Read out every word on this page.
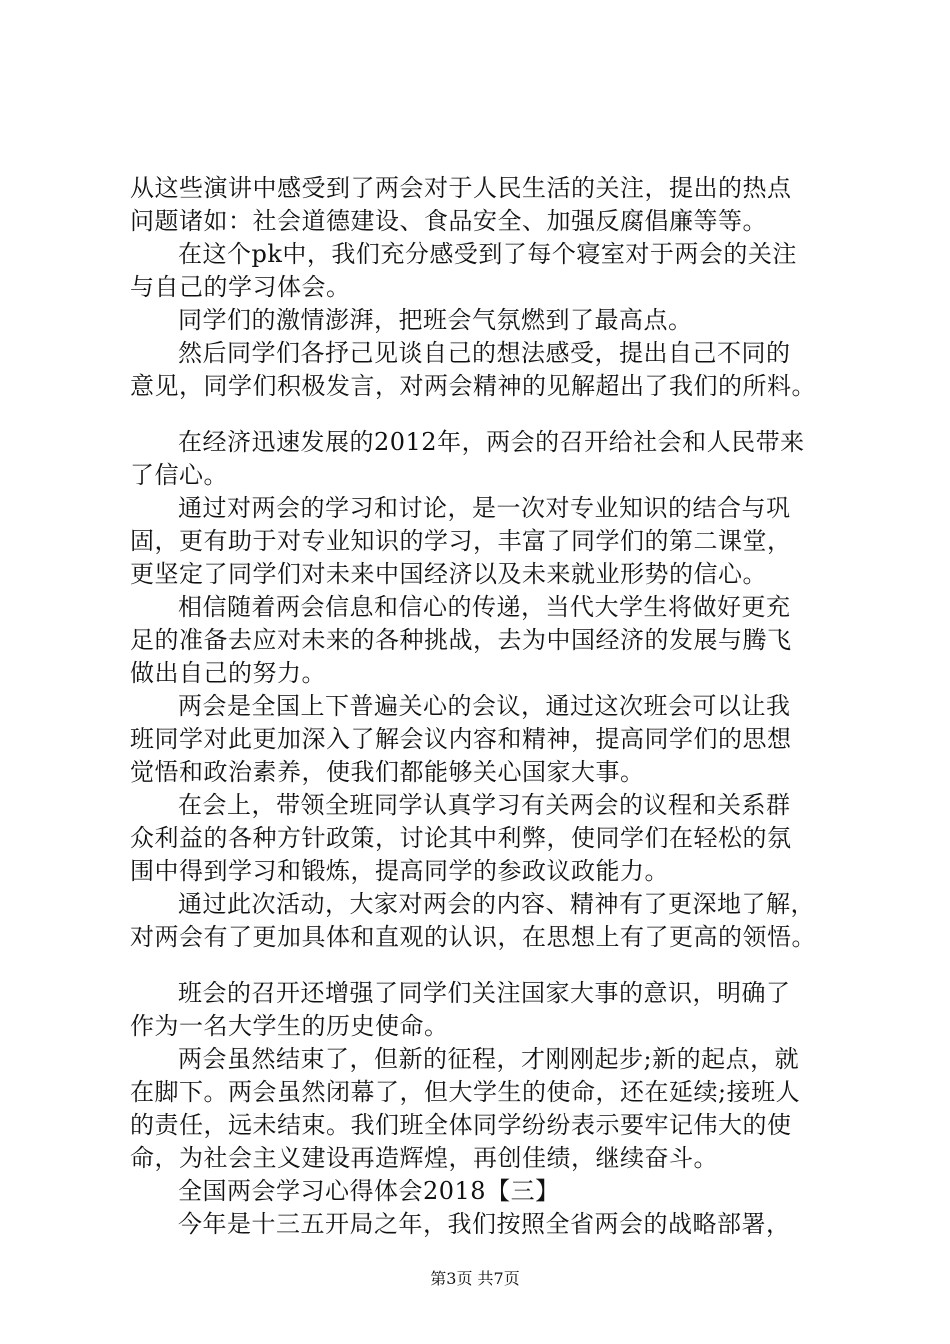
从这些演讲中感受到了两会对于人民生活的关注，提出的热点
问题诸如：社会道德建设、食品安全、加强反腐倡廉等等。
在这个pk中，我们充分感受到了每个寝室对于两会的关注
与自己的学习体会。
同学们的激情澎湃，把班会气氛燃到了最高点。
然后同学们各抒己见谈自己的想法感受，提出自己不同的
意见，同学们积极发言，对两会精神的见解超出了我们的所料。
在经济迅速发展的2012年，两会的召开给社会和人民带来
了信心。
通过对两会的学习和讨论，是一次对专业知识的结合与巩
固，更有助于对专业知识的学习，丰富了同学们的第二课堂，
更坚定了同学们对未来中国经济以及未来就业形势的信心。
相信随着两会信息和信心的传递，当代大学生将做好更充
足的准备去应对未来的各种挑战，去为中国经济的发展与腾飞
做出自己的努力。
两会是全国上下普遍关心的会议，通过这次班会可以让我
班同学对此更加深入了解会议内容和精神，提高同学们的思想
觉悟和政治素养，使我们都能够关心国家大事。
在会上，带领全班同学认真学习有关两会的议程和关系群
众利益的各种方针政策，讨论其中利弊，使同学们在轻松的氛
围中得到学习和锻炼，提高同学的参政议政能力。
通过此次活动，大家对两会的内容、精神有了更深地了解，
对两会有了更加具体和直观的认识，在思想上有了更高的领悟。
班会的召开还增强了同学们关注国家大事的意识，明确了
作为一名大学生的历史使命。
两会虽然结束了，但新的征程，才刚刚起步;新的起点，就
在脚下。两会虽然闭幕了，但大学生的使命，还在延续;接班人
的责任，远未结束。我们班全体同学纷纷表示要牢记伟大的使
命，为社会主义建设再造辉煌，再创佳绩，继续奋斗。
全国两会学习心得体会2018【三】
今年是十三五开局之年，我们按照全省两会的战略部署，
第3页 共7页
